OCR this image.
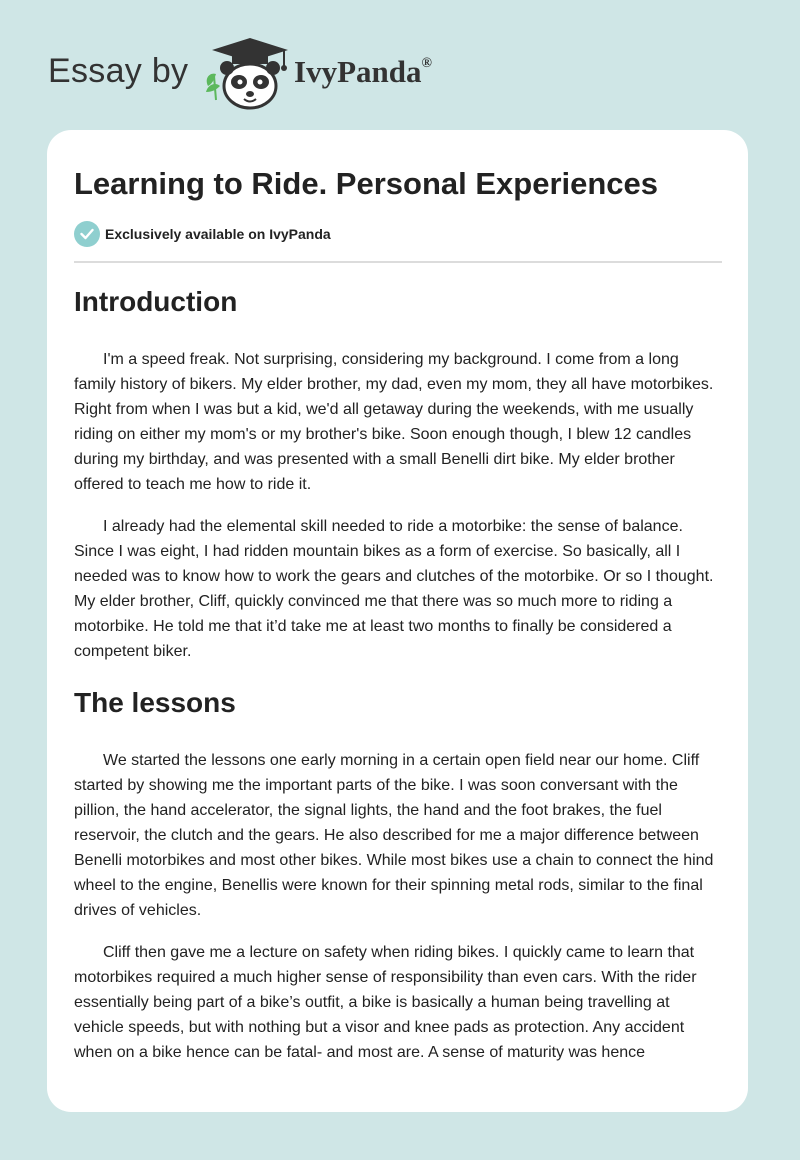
Essay by	IvyPanda®
Learning to Ride. Personal Experiences
Exclusively available on IvyPanda
Introduction

I'm a speed freak. Not surprising, considering my background. I come from a long family history of bikers. My elder brother, my dad, even my mom, they all have motorbikes. Right from when I was but a kid, we'd all getaway during the weekends, with me usually riding on either my mom's or my brother's bike. Soon enough though, I blew 12 candles during my birthday, and was presented with a small Benelli dirt bike. My elder brother offered to teach me how to ride it.

I already had the elemental skill needed to ride a motorbike: the sense of balance. Since I was eight, I had ridden mountain bikes as a form of exercise. So basically, all I needed was to know how to work the gears and clutches of the motorbike. Or so I thought. My elder brother, Cliff, quickly convinced me that there was so much more to riding a motorbike. He told me that it’d take me at least two months to finally be considered a competent biker.

The lessons

We started the lessons one early morning in a certain open field near our home. Cliff started by showing me the important parts of the bike. I was soon conversant with the pillion, the hand accelerator, the signal lights, the hand and the foot brakes, the fuel reservoir, the clutch and the gears. He also described for me a major difference between Benelli motorbikes and most other bikes. While most bikes use a chain to connect the hind wheel to the engine, Benellis were known for their spinning metal rods, similar to the final drives of vehicles.

Cliff then gave me a lecture on safety when riding bikes. I quickly came to learn that motorbikes required a much higher sense of responsibility than even cars. With the rider essentially being part of a bike’s outfit, a bike is basically a human being travelling at vehicle speeds, but with nothing but a visor and knee pads as protection. Any accident when on a bike hence can be fatal- and most are. A sense of maturity was hence
